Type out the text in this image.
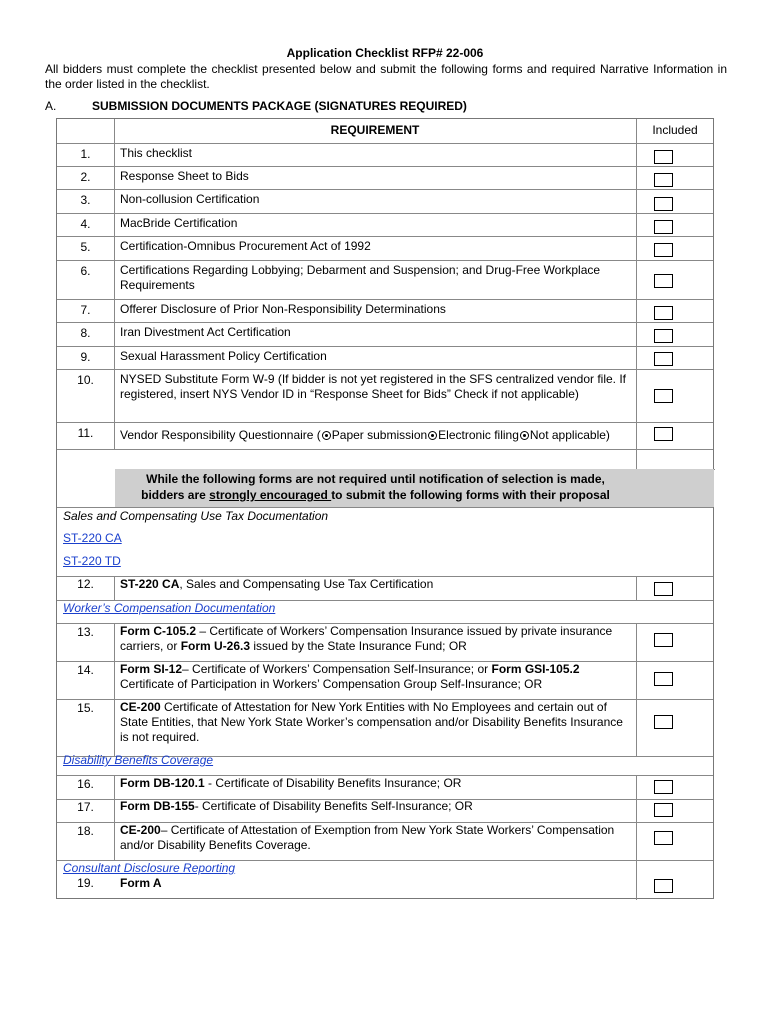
Application Checklist RFP# 22-006
All bidders must complete the checklist presented below and submit the following forms and required Narrative Information in the order listed in the checklist.
A.	SUBMISSION DOCUMENTS PACKAGE (SIGNATURES REQUIRED)
REQUIREMENT	Included
1.	This checklist
2.	Response Sheet to Bids
3.	Non-collusion Certification
4.	MacBride Certification
5.	Certification-Omnibus Procurement Act of 1992
6.	Certifications Regarding Lobbying; Debarment and Suspension; and Drug-Free Workplace Requirements
7.	Offerer Disclosure of Prior Non-Responsibility Determinations
8.	Iran Divestment Act Certification
9.	Sexual Harassment Policy Certification
10.	NYSED Substitute Form W-9 (If bidder is not yet registered in the SFS centralized vendor file. If registered, insert NYS Vendor ID in “Response Sheet for Bids” Check if not applicable)
11.	Vendor Responsibility Questionnaire ( Paper submission Electronic filing Not applicable)
While the following forms are not required until notification of selection is made,
bidders are strongly encouraged to submit the following forms with their proposal
Sales and Compensating Use Tax Documentation
ST-220 CA
ST-220 TD
12.	ST-220 CA, Sales and Compensating Use Tax Certification
Worker’s Compensation Documentation
13.	Form C-105.2 – Certificate of Workers’ Compensation Insurance issued by private insurance carriers, or Form U-26.3 issued by the State Insurance Fund; OR
14.	Form SI-12– Certificate of Workers’ Compensation Self-Insurance; or Form GSI-105.2 Certificate of Participation in Workers’ Compensation Group Self-Insurance; OR
15.	CE-200 Certificate of Attestation for New York Entities with No Employees and certain out of State Entities, that New York State Worker’s compensation and/or Disability Benefits Insurance is not required.
Disability Benefits Coverage
16.	Form DB-120.1 - Certificate of Disability Benefits Insurance; OR
17.	Form DB-155- Certificate of Disability Benefits Self-Insurance; OR
18.	CE-200– Certificate of Attestation of Exemption from New York State Workers’ Compensation and/or Disability Benefits Coverage.
Consultant Disclosure Reporting
19.	Form A
